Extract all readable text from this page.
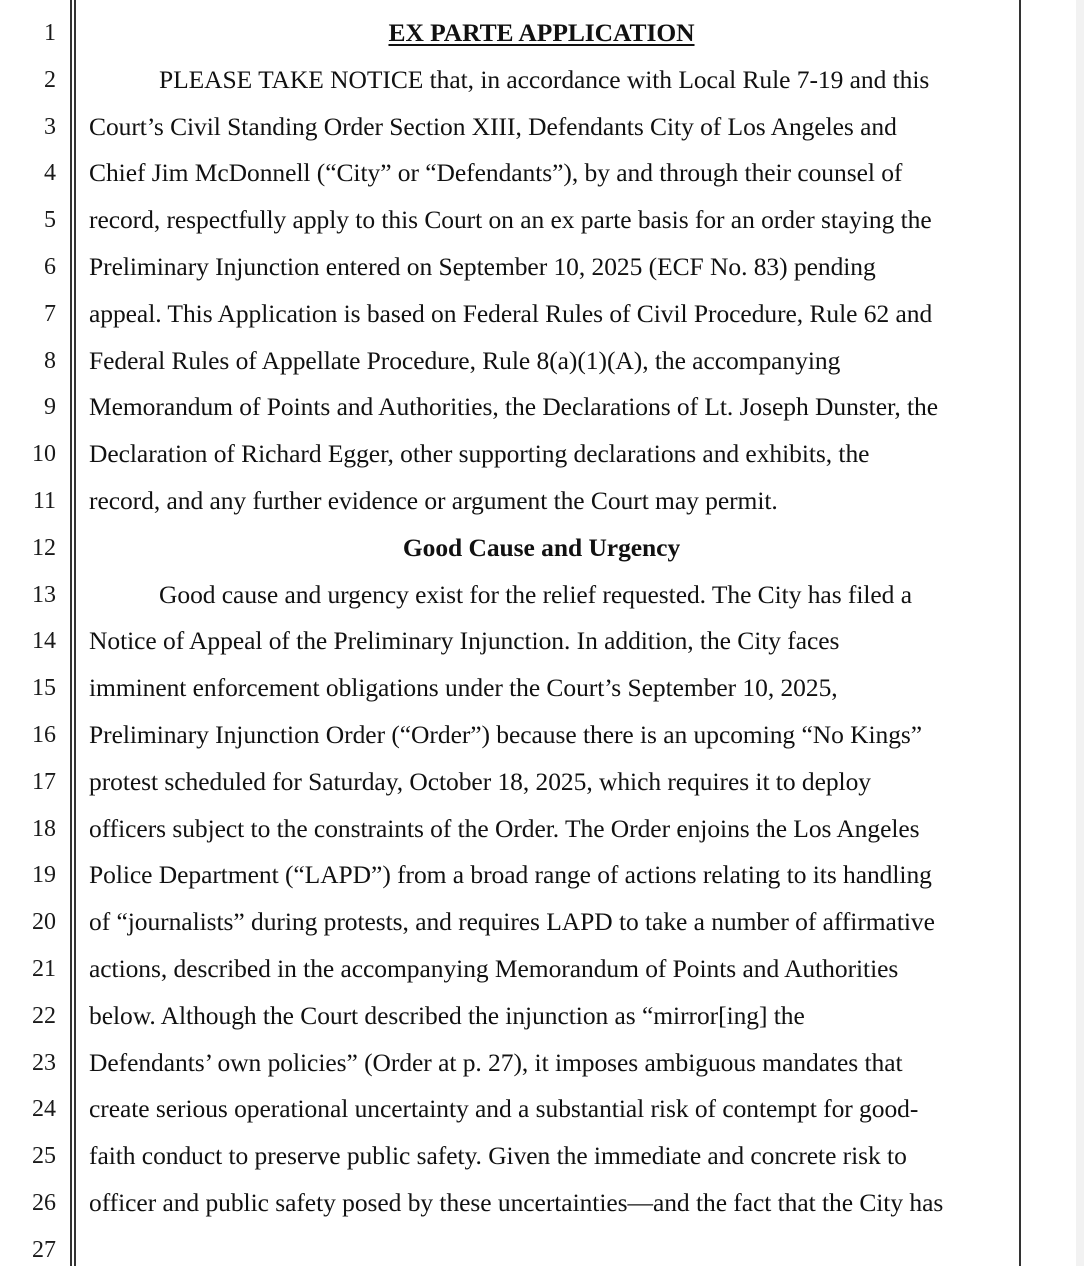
1
2
3
4
5
6
7
8
9
10
11
12
13
14
15
16
17
18
19
20
21
22
23
24
25
26
27
EX PARTE APPLICATION
PLEASE TAKE NOTICE that, in accordance with Local Rule 7-19 and this
Court’s Civil Standing Order Section XIII, Defendants City of Los Angeles and
Chief Jim McDonnell (“City” or “Defendants”), by and through their counsel of
record, respectfully apply to this Court on an ex parte basis for an order staying the
Preliminary Injunction entered on September 10, 2025 (ECF No. 83) pending
appeal. This Application is based on Federal Rules of Civil Procedure, Rule 62 and
Federal Rules of Appellate Procedure, Rule 8(a)(1)(A), the accompanying
Memorandum of Points and Authorities, the Declarations of Lt. Joseph Dunster, the
Declaration of Richard Egger, other supporting declarations and exhibits, the
record, and any further evidence or argument the Court may permit.
Good Cause and Urgency
Good cause and urgency exist for the relief requested. The City has filed a
Notice of Appeal of the Preliminary Injunction. In addition, the City faces
imminent enforcement obligations under the Court’s September 10, 2025,
Preliminary Injunction Order (“Order”) because there is an upcoming “No Kings”
protest scheduled for Saturday, October 18, 2025, which requires it to deploy
officers subject to the constraints of the Order. The Order enjoins the Los Angeles
Police Department (“LAPD”) from a broad range of actions relating to its handling
of “journalists” during protests, and requires LAPD to take a number of affirmative
actions, described in the accompanying Memorandum of Points and Authorities
below. Although the Court described the injunction as “mirror[ing] the
Defendants’ own policies” (Order at p. 27), it imposes ambiguous mandates that
create serious operational uncertainty and a substantial risk of contempt for good-
faith conduct to preserve public safety. Given the immediate and concrete risk to
officer and public safety posed by these uncertainties—and the fact that the City has
